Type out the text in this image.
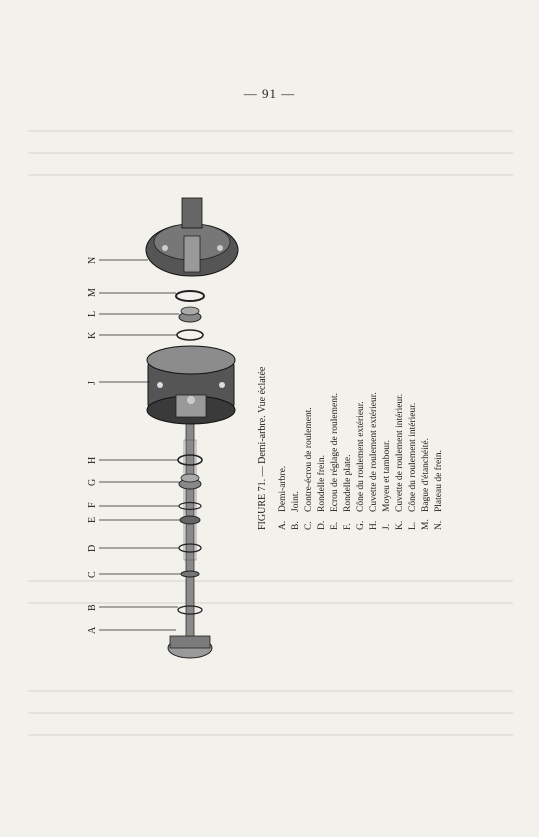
— 91 —
A
B
C
D
E
F
G
H
J
K
L
M
N
FIGURE 71. — Demi-arbre. Vue éclatée A.Demi-arbre.
B.Joint.
C.Contre-écrou de roulement.
D.Rondelle frein.
E.Ecrou de réglage de roulement.
F.Rondelle plate.
G.Cône du roulement extérieur.
H.Cuvette de roulement extérieur.
J.Moyeu et tambour.
K.Cuvette de roulement intérieur.
L.Cône du roulement intérieur.
M.Bague d'étanchéité.
N.Plateau de frein.
